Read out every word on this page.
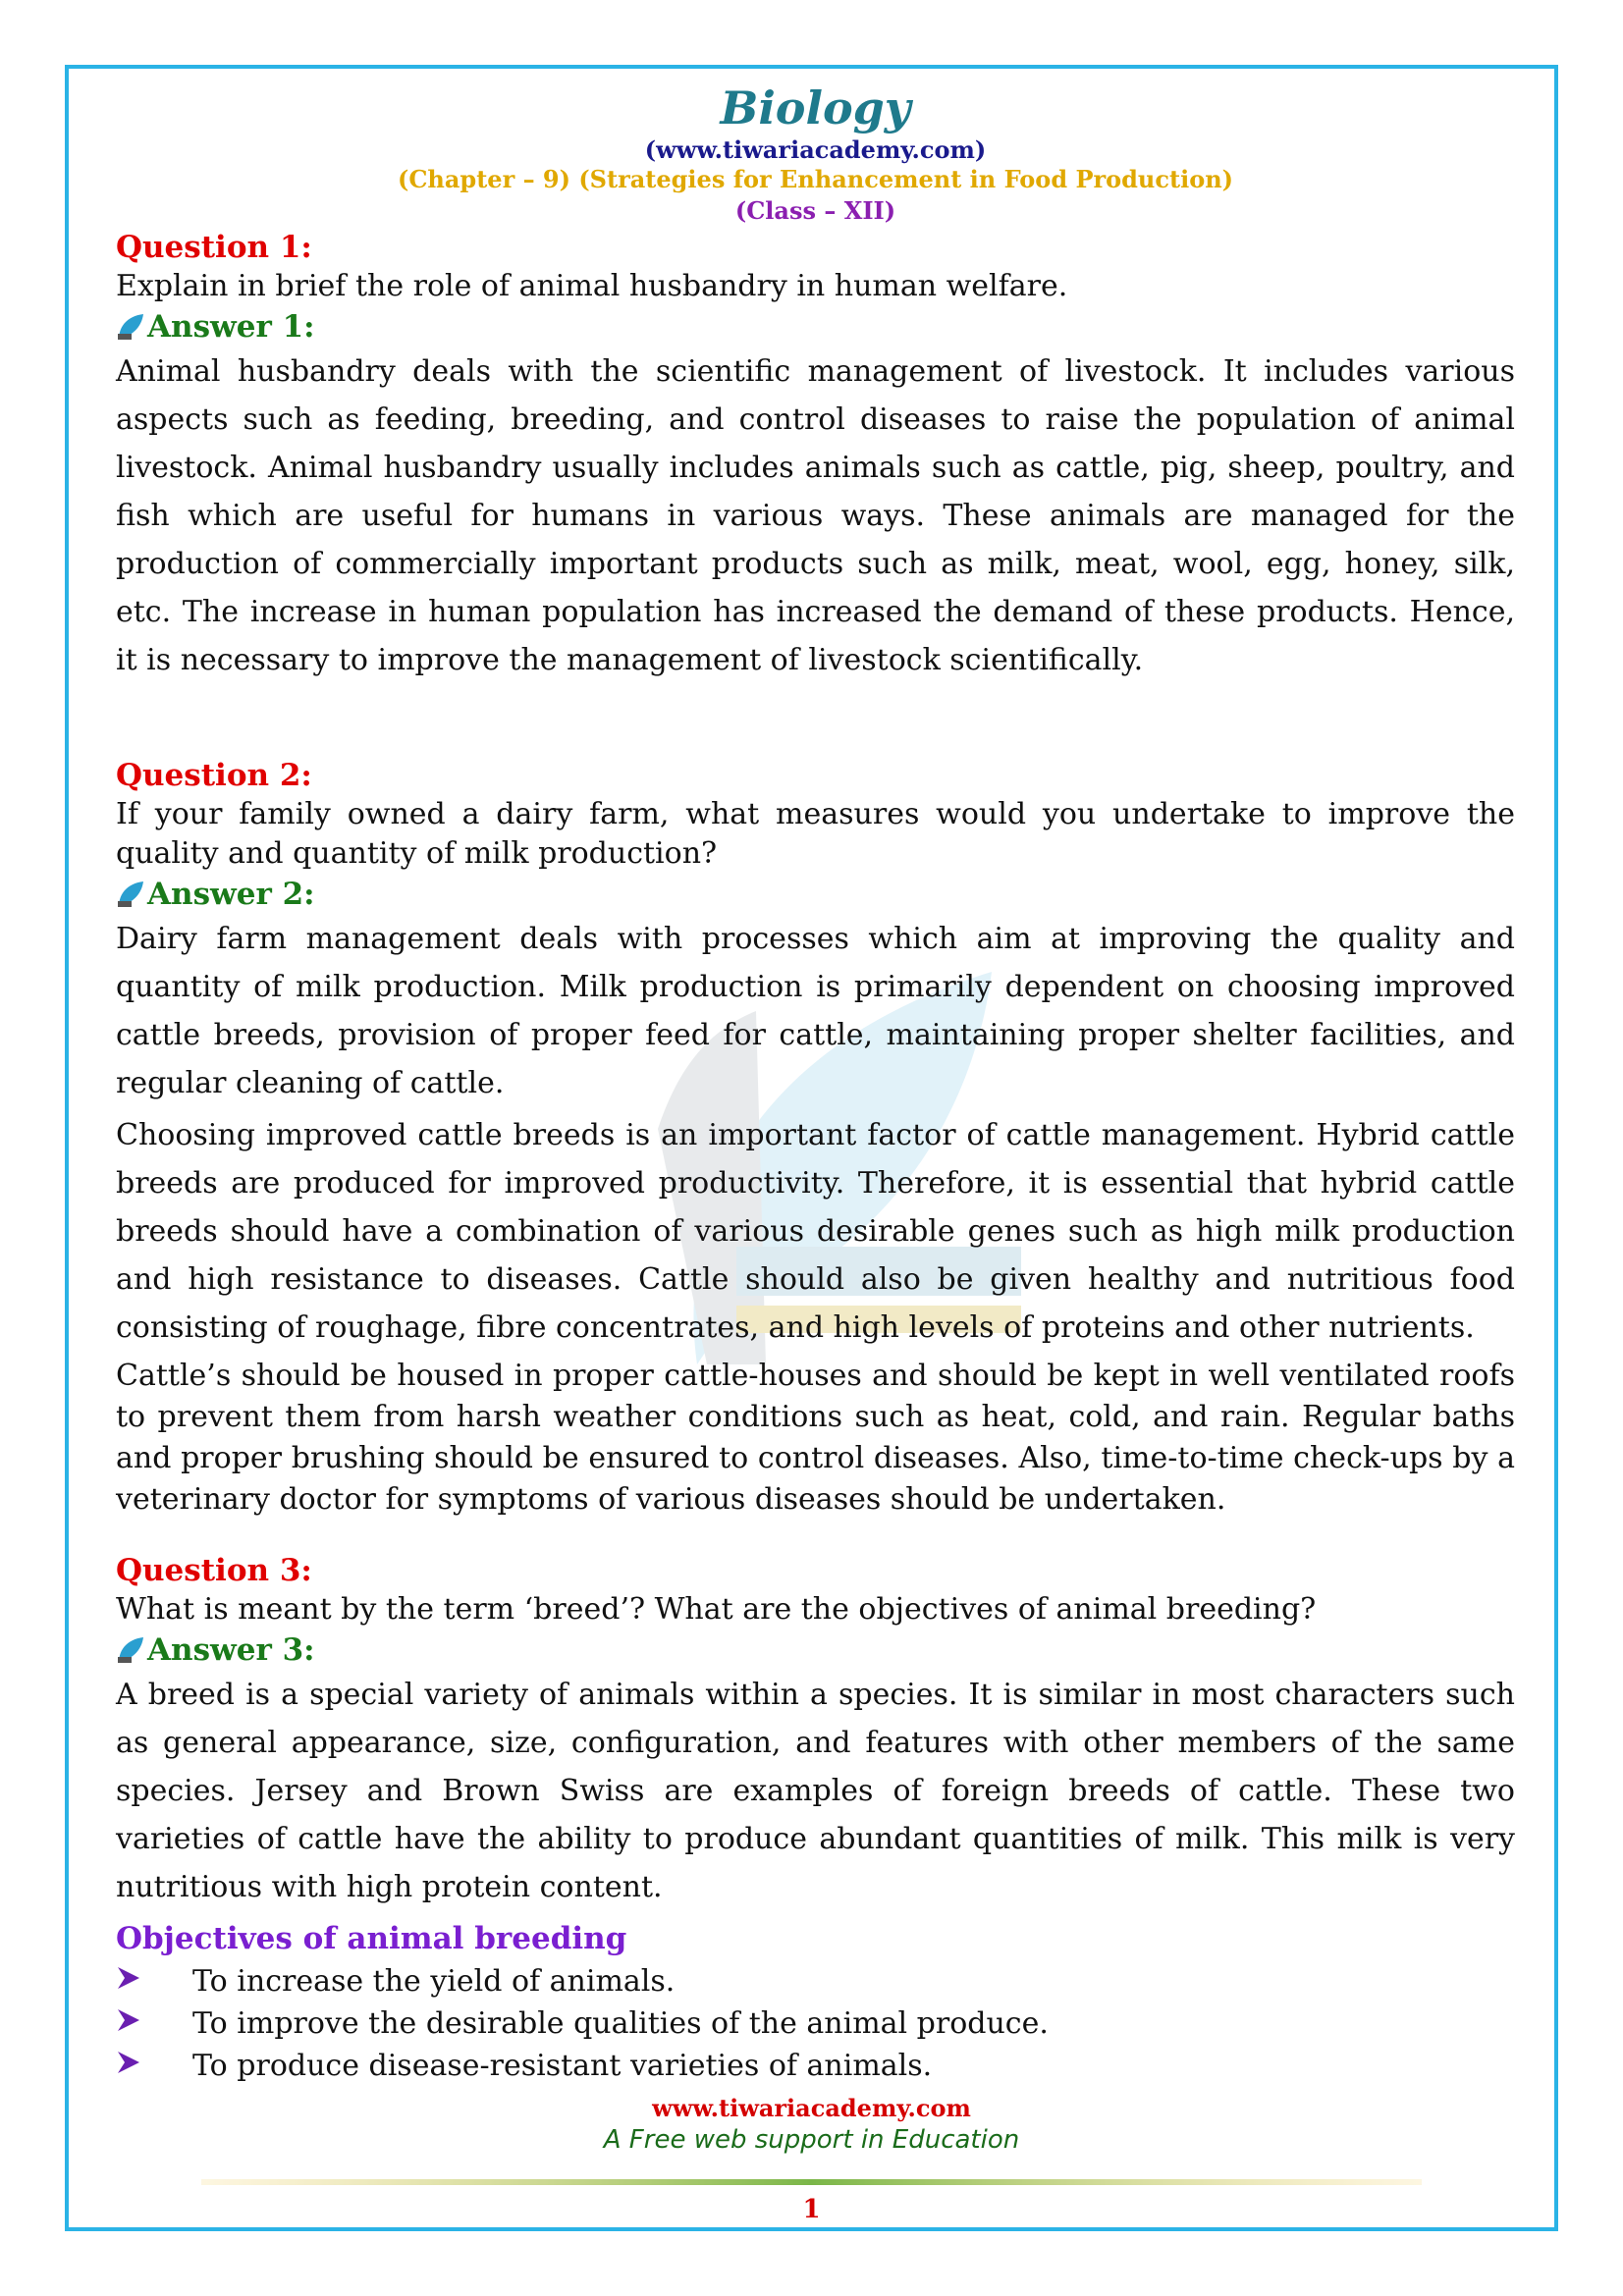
Biology
(www.tiwariacademy.com)
(Chapter – 9) (Strategies for Enhancement in Food Production)
(Class – XII)
Question 1:
Explain in brief the role of animal husbandry in human welfare.
Answer 1:

Animal husbandry deals with the scientific management of livestock. It includes various aspects such as feeding, breeding, and control diseases to raise the population of animal livestock. Animal husbandry usually includes animals such as cattle, pig, sheep, poultry, and fish which are useful for humans in various ways. These animals are managed for the production of commercially important products such as milk, meat, wool, egg, honey, silk, etc. The increase in human population has increased the demand of these products. Hence, it is necessary to improve the management of livestock scientifically.

Question 2:
If your family owned a dairy farm, what measures would you undertake to improve the quality and quantity of milk production?
Answer 2:

Dairy farm management deals with processes which aim at improving the quality and quantity of milk production. Milk production is primarily dependent on choosing improved cattle breeds, provision of proper feed for cattle, maintaining proper shelter facilities, and regular cleaning of cattle.

Choosing improved cattle breeds is an important factor of cattle management. Hybrid cattle breeds are produced for improved productivity. Therefore, it is essential that hybrid cattle breeds should have a combination of various desirable genes such as high milk production and high resistance to diseases. Cattle should also be given healthy and nutritious food consisting of roughage, fibre concentrates, and high levels of proteins and other nutrients.

Cattle’s should be housed in proper cattle-houses and should be kept in well ventilated roofs to prevent them from harsh weather conditions such as heat, cold, and rain. Regular baths and proper brushing should be ensured to control diseases. Also, time-to-time check-ups by a veterinary doctor for symptoms of various diseases should be undertaken.

Question 3:
What is meant by the term ‘breed’? What are the objectives of animal breeding?
Answer 3:

A breed is a special variety of animals within a species. It is similar in most characters such as general appearance, size, configuration, and features with other members of the same species. Jersey and Brown Swiss are examples of foreign breeds of cattle. These two varieties of cattle have the ability to produce abundant quantities of milk. This milk is very nutritious with high protein content.

Objectives of animal breeding
To increase the yield of animals.
To improve the desirable qualities of the animal produce.
To produce disease-resistant varieties of animals.
www.tiwariacademy.com
A Free web support in Education
1
